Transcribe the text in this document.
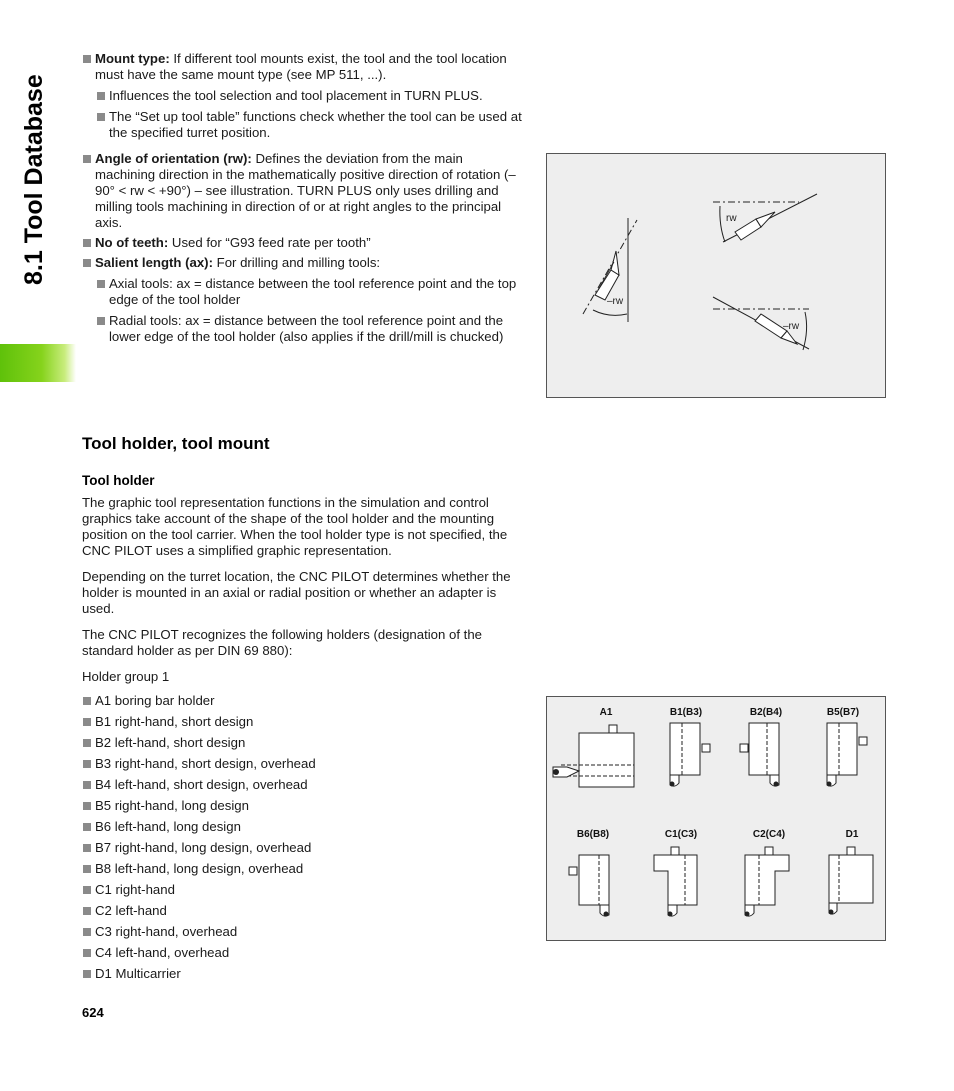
8.1 Tool Database

Mount type: If different tool mounts exist, the tool and the tool location must have the same mount type (see MP 511, ...).

Influences the tool selection and tool placement in TURN PLUS.

The “Set up tool table” functions check whether the tool can be used at the specified turret position.

Angle of orientation (rw): Defines the deviation from the main machining direction in the mathematically positive direction of rotation (–90° < rw < +90°) – see illustration. TURN PLUS only uses drilling and milling tools machining in direction of or at right angles to the principal axis.

No of teeth: Used for “G93 feed rate per tooth”

Salient length (ax): For drilling and milling tools:

Axial tools: ax = distance between the tool reference point and the top edge of the tool holder

Radial tools: ax = distance between the tool reference point and the lower edge of the tool holder (also applies if the drill/mill is chucked)

–rw
rw
–rw
Tool holder, tool mount
Tool holder

The graphic tool representation functions in the simulation and control graphics take account of the shape of the tool holder and the mounting position on the tool carrier. When the tool holder type is not specified, the CNC PILOT uses a simplified graphic representation.

Depending on the turret location, the CNC PILOT determines whether the holder is mounted in an axial or radial position or whether an adapter is used.

The CNC PILOT recognizes the following holders (designation of the standard holder as per DIN 69 880):

Holder group 1

A1 boring bar holder

B1 right-hand, short design

B2 left-hand, short design

B3 right-hand, short design, overhead

B4 left-hand, short design, overhead

B5 right-hand, long design

B6 left-hand, long design

B7 right-hand, long design, overhead

B8 left-hand, long design, overhead

C1 right-hand

C2 left-hand

C3 right-hand, overhead

C4 left-hand, overhead

D1 Multicarrier

A1	B1(B3)	B2(B4)	B5(B7)
B6(B8)	C1(C3)	C2(C4)	D1
624
